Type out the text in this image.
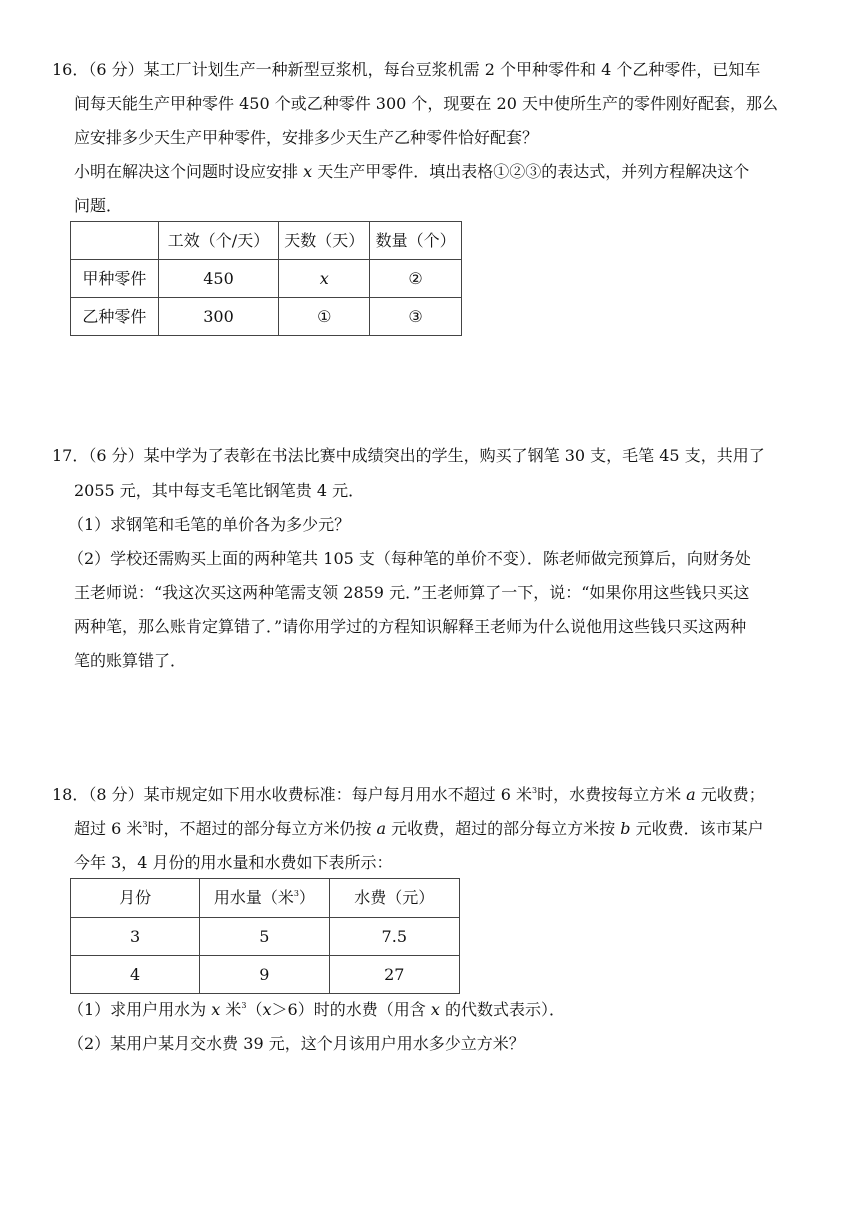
16．（6 分）某工厂计划生产一种新型豆浆机，每台豆浆机需 2 个甲种零件和 4 个乙种零件，已知车
间每天能生产甲种零件 450 个或乙种零件 300 个，现要在 20 天中使所生产的零件刚好配套，那么
应安排多少天生产甲种零件，安排多少天生产乙种零件恰好配套？
小明在解决这个问题时设应安排 x 天生产甲零件．填出表格①②③的表达式，并列方程解决这个
问题．
	工效（个/天）	天数（天）	数量（个）
甲种零件	450	x	②
乙种零件	300	①	③
17．（6 分）某中学为了表彰在书法比赛中成绩突出的学生，购买了钢笔 30 支，毛笔 45 支，共用了
2055 元，其中每支毛笔比钢笔贵 4 元．
（1）求钢笔和毛笔的单价各为多少元？
（2）学校还需购买上面的两种笔共 105 支（每种笔的单价不变）．陈老师做完预算后，向财务处
王老师说：“我这次买这两种笔需支领 2859 元．”王老师算了一下，说：“如果你用这些钱只买这
两种笔，那么账肯定算错了．”请你用学过的方程知识解释王老师为什么说他用这些钱只买这两种
笔的账算错了．
18．（8 分）某市规定如下用水收费标准：每户每月用水不超过 6 米$^3$时，水费按每立方米 a 元收费；
超过 6 米$^3$时，不超过的部分每立方米仍按 a 元收费，超过的部分每立方米按 b 元收费．该市某户
今年 3，4 月份的用水量和水费如下表所示：
月份	用水量（米$^3$）	水费（元）
3	5	7.5
4	9	27
（1）求用户用水为 x 米$^3$（x＞6）时的水费（用含 x 的代数式表示）．
（2）某用户某月交水费 39 元，这个月该用户用水多少立方米？
